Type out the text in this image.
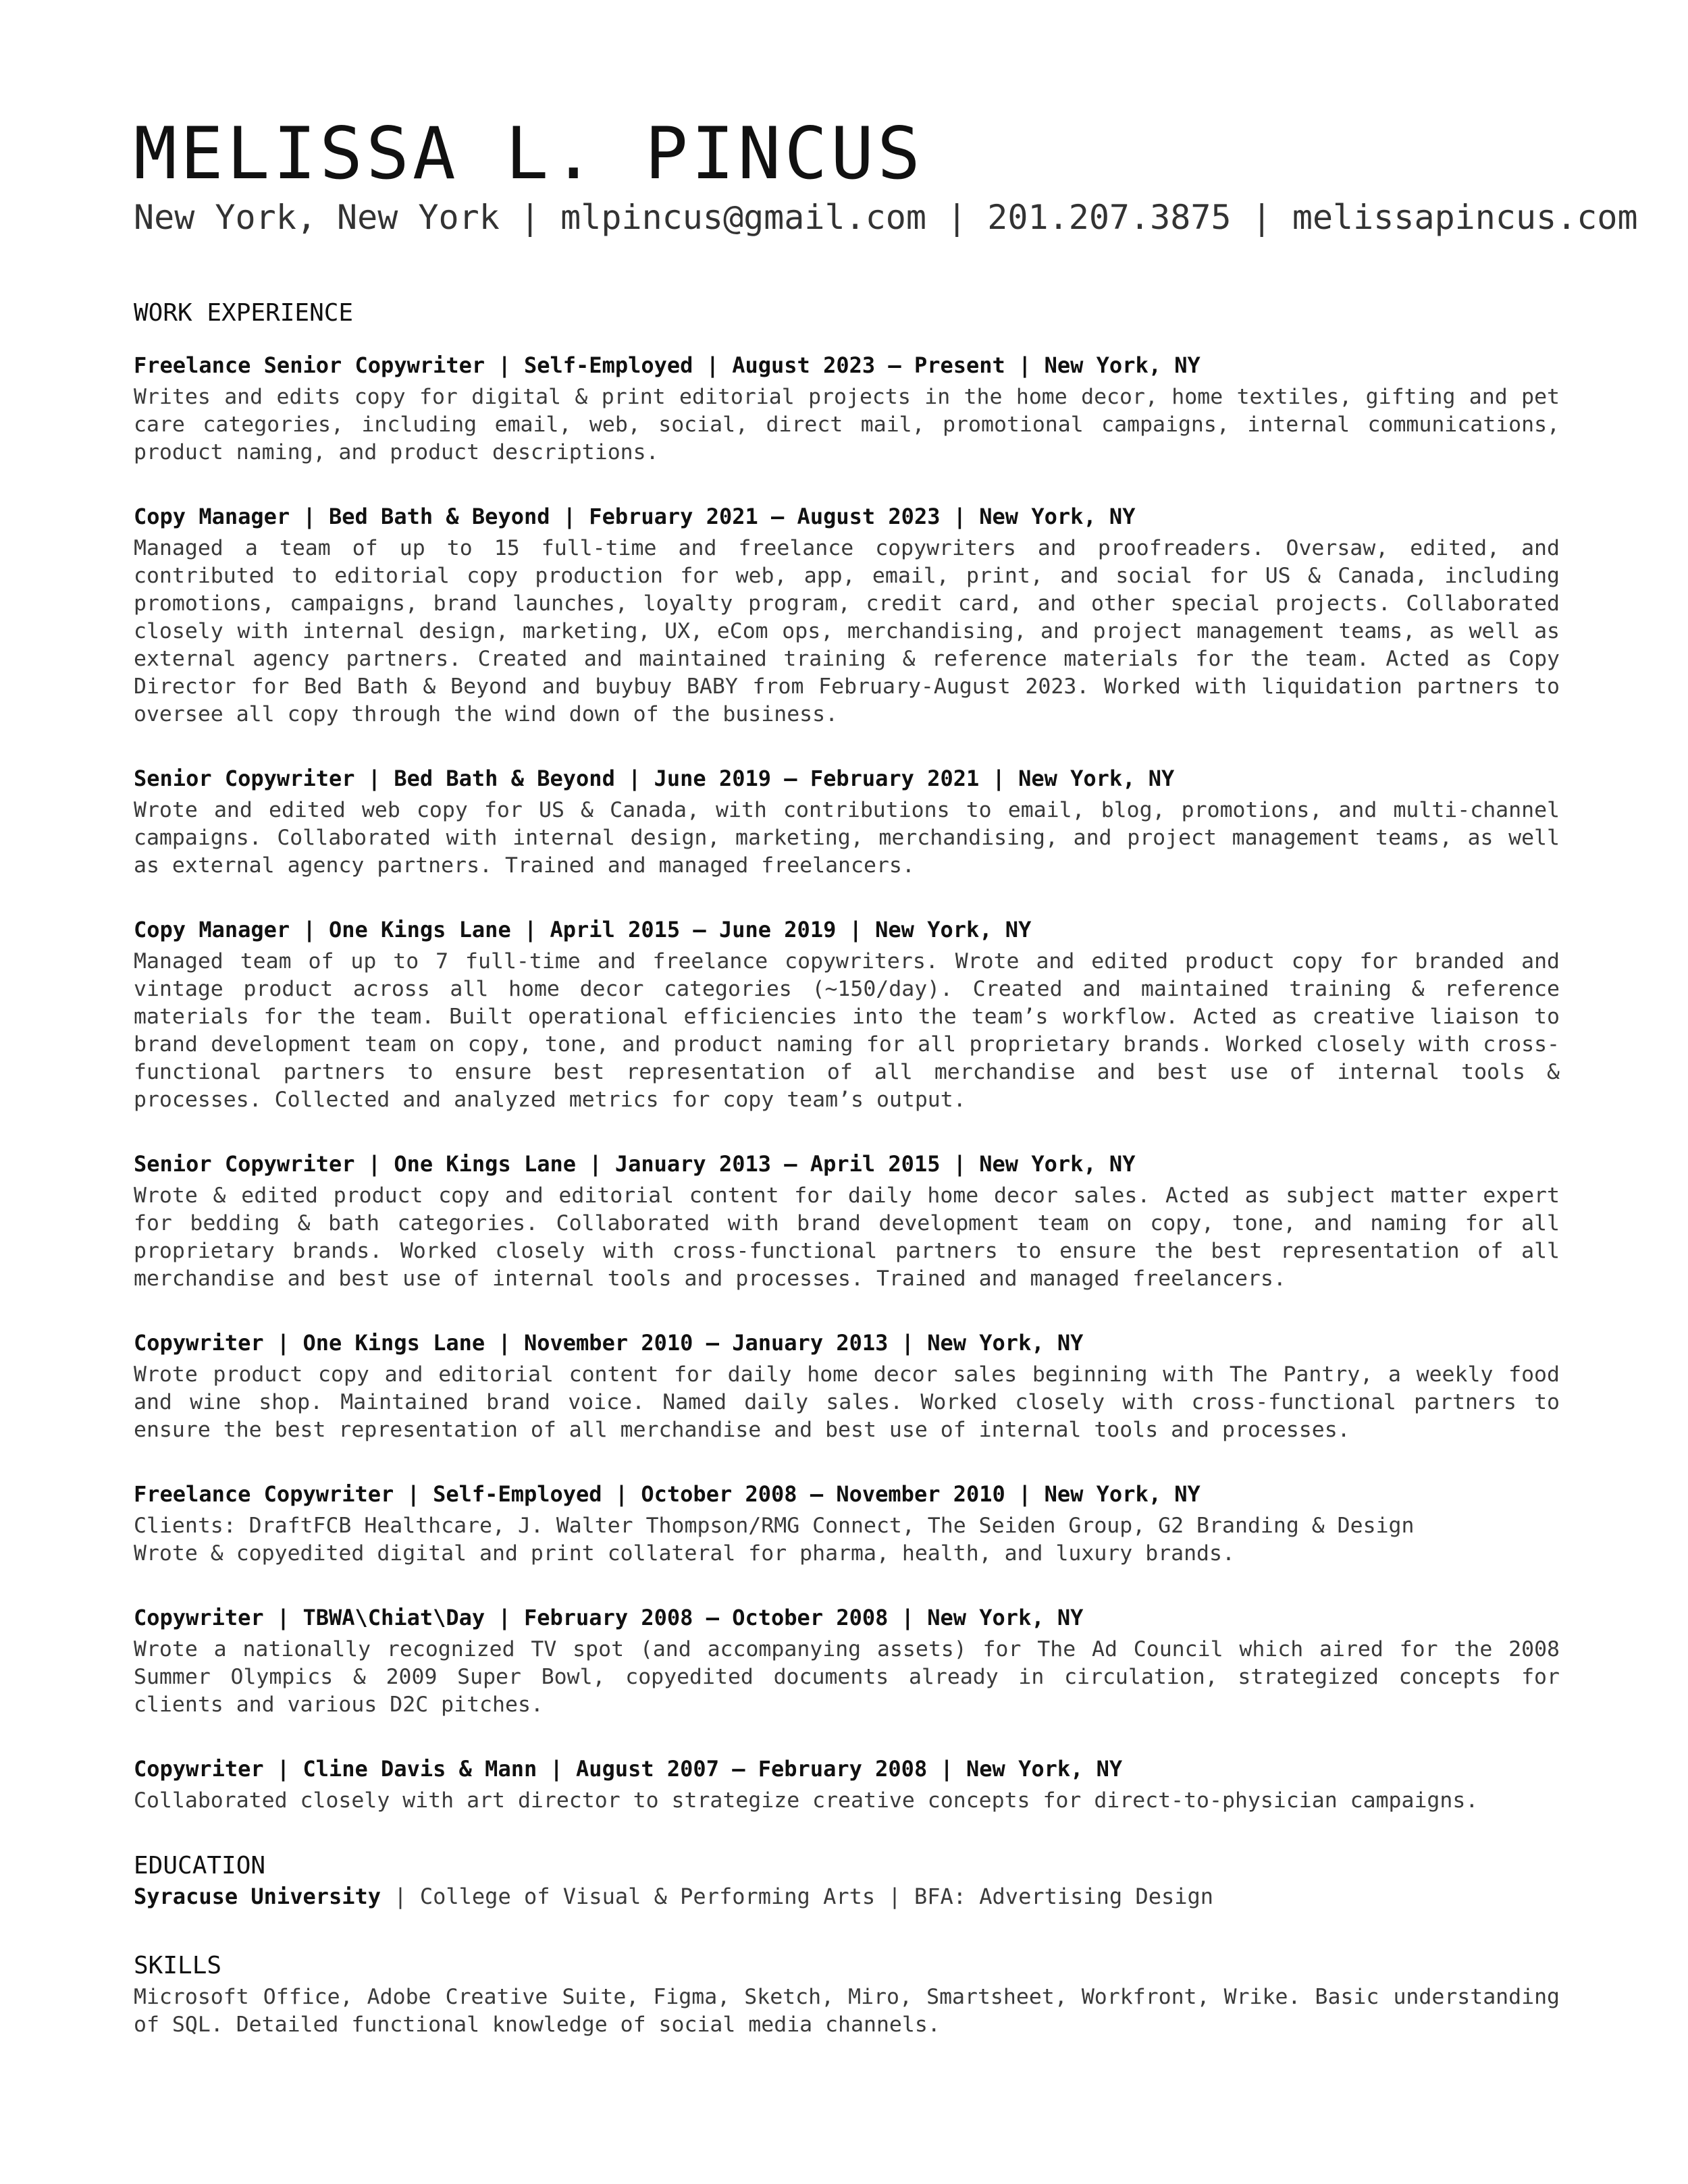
MELISSA L. PINCUS
New York, New York | mlpincus@gmail.com | 201.207.3875 | melissapincus.com
WORK EXPERIENCE
Freelance Senior Copywriter | Self-Employed | August 2023 – Present | New York, NY
Writes and edits copy for digital & print editorial projects in the home decor, home textiles, gifting and pet care categories, including email, web, social, direct mail, promotional campaigns, internal communications, product naming, and product descriptions.
Copy Manager | Bed Bath & Beyond | February 2021 – August 2023 | New York, NY
Managed a team of up to 15 full-time and freelance copywriters and proofreaders. Oversaw, edited, and contributed to editorial copy production for web, app, email, print, and social for US & Canada, including promotions, campaigns, brand launches, loyalty program, credit card, and other special projects. Collaborated closely with internal design, marketing, UX, eCom ops, merchandising, and project management teams, as well as external agency partners. Created and maintained training & reference materials for the team. Acted as Copy Director for Bed Bath & Beyond and buybuy BABY from February-August 2023. Worked with liquidation partners to oversee all copy through the wind down of the business.
Senior Copywriter | Bed Bath & Beyond | June 2019 – February 2021 | New York, NY
Wrote and edited web copy for US & Canada, with contributions to email, blog, promotions, and multi-channel campaigns. Collaborated with internal design, marketing, merchandising, and project management teams, as well as external agency partners. Trained and managed freelancers.
Copy Manager | One Kings Lane | April 2015 – June 2019 | New York, NY
Managed team of up to 7 full-time and freelance copywriters. Wrote and edited product copy for branded and vintage product across all home decor categories (~150/day). Created and maintained training & reference materials for the team. Built operational efficiencies into the team’s workflow. Acted as creative liaison to brand development team on copy, tone, and product naming for all proprietary brands. Worked closely with cross-functional partners to ensure best representation of all merchandise and best use of internal tools & processes. Collected and analyzed metrics for copy team’s output.
Senior Copywriter | One Kings Lane | January 2013 – April 2015 | New York, NY
Wrote & edited product copy and editorial content for daily home decor sales. Acted as subject matter expert for bedding & bath categories. Collaborated with brand development team on copy, tone, and naming for all proprietary brands. Worked closely with cross-functional partners to ensure the best representation of all merchandise and best use of internal tools and processes. Trained and managed freelancers.
Copywriter | One Kings Lane | November 2010 – January 2013 | New York, NY
Wrote product copy and editorial content for daily home decor sales beginning with The Pantry, a weekly food and wine shop. Maintained brand voice. Named daily sales. Worked closely with cross-functional partners to ensure the best representation of all merchandise and best use of internal tools and processes.
Freelance Copywriter | Self-Employed | October 2008 – November 2010 | New York, NY
Clients: DraftFCB Healthcare, J. Walter Thompson/RMG Connect, The Seiden Group, G2 Branding & Design
Wrote & copyedited digital and print collateral for pharma, health, and luxury brands.
Copywriter | TBWA\Chiat\Day | February 2008 – October 2008 | New York, NY
Wrote a nationally recognized TV spot (and accompanying assets) for The Ad Council which aired for the 2008 Summer Olympics & 2009 Super Bowl, copyedited documents already in circulation, strategized concepts for clients and various D2C pitches.
Copywriter | Cline Davis & Mann | August 2007 – February 2008 | New York, NY
Collaborated closely with art director to strategize creative concepts for direct-to-physician campaigns.
EDUCATION
Syracuse University | College of Visual & Performing Arts | BFA: Advertising Design
SKILLS
Microsoft Office, Adobe Creative Suite, Figma, Sketch, Miro, Smartsheet, Workfront, Wrike. Basic understanding of SQL. Detailed functional knowledge of social media channels.
